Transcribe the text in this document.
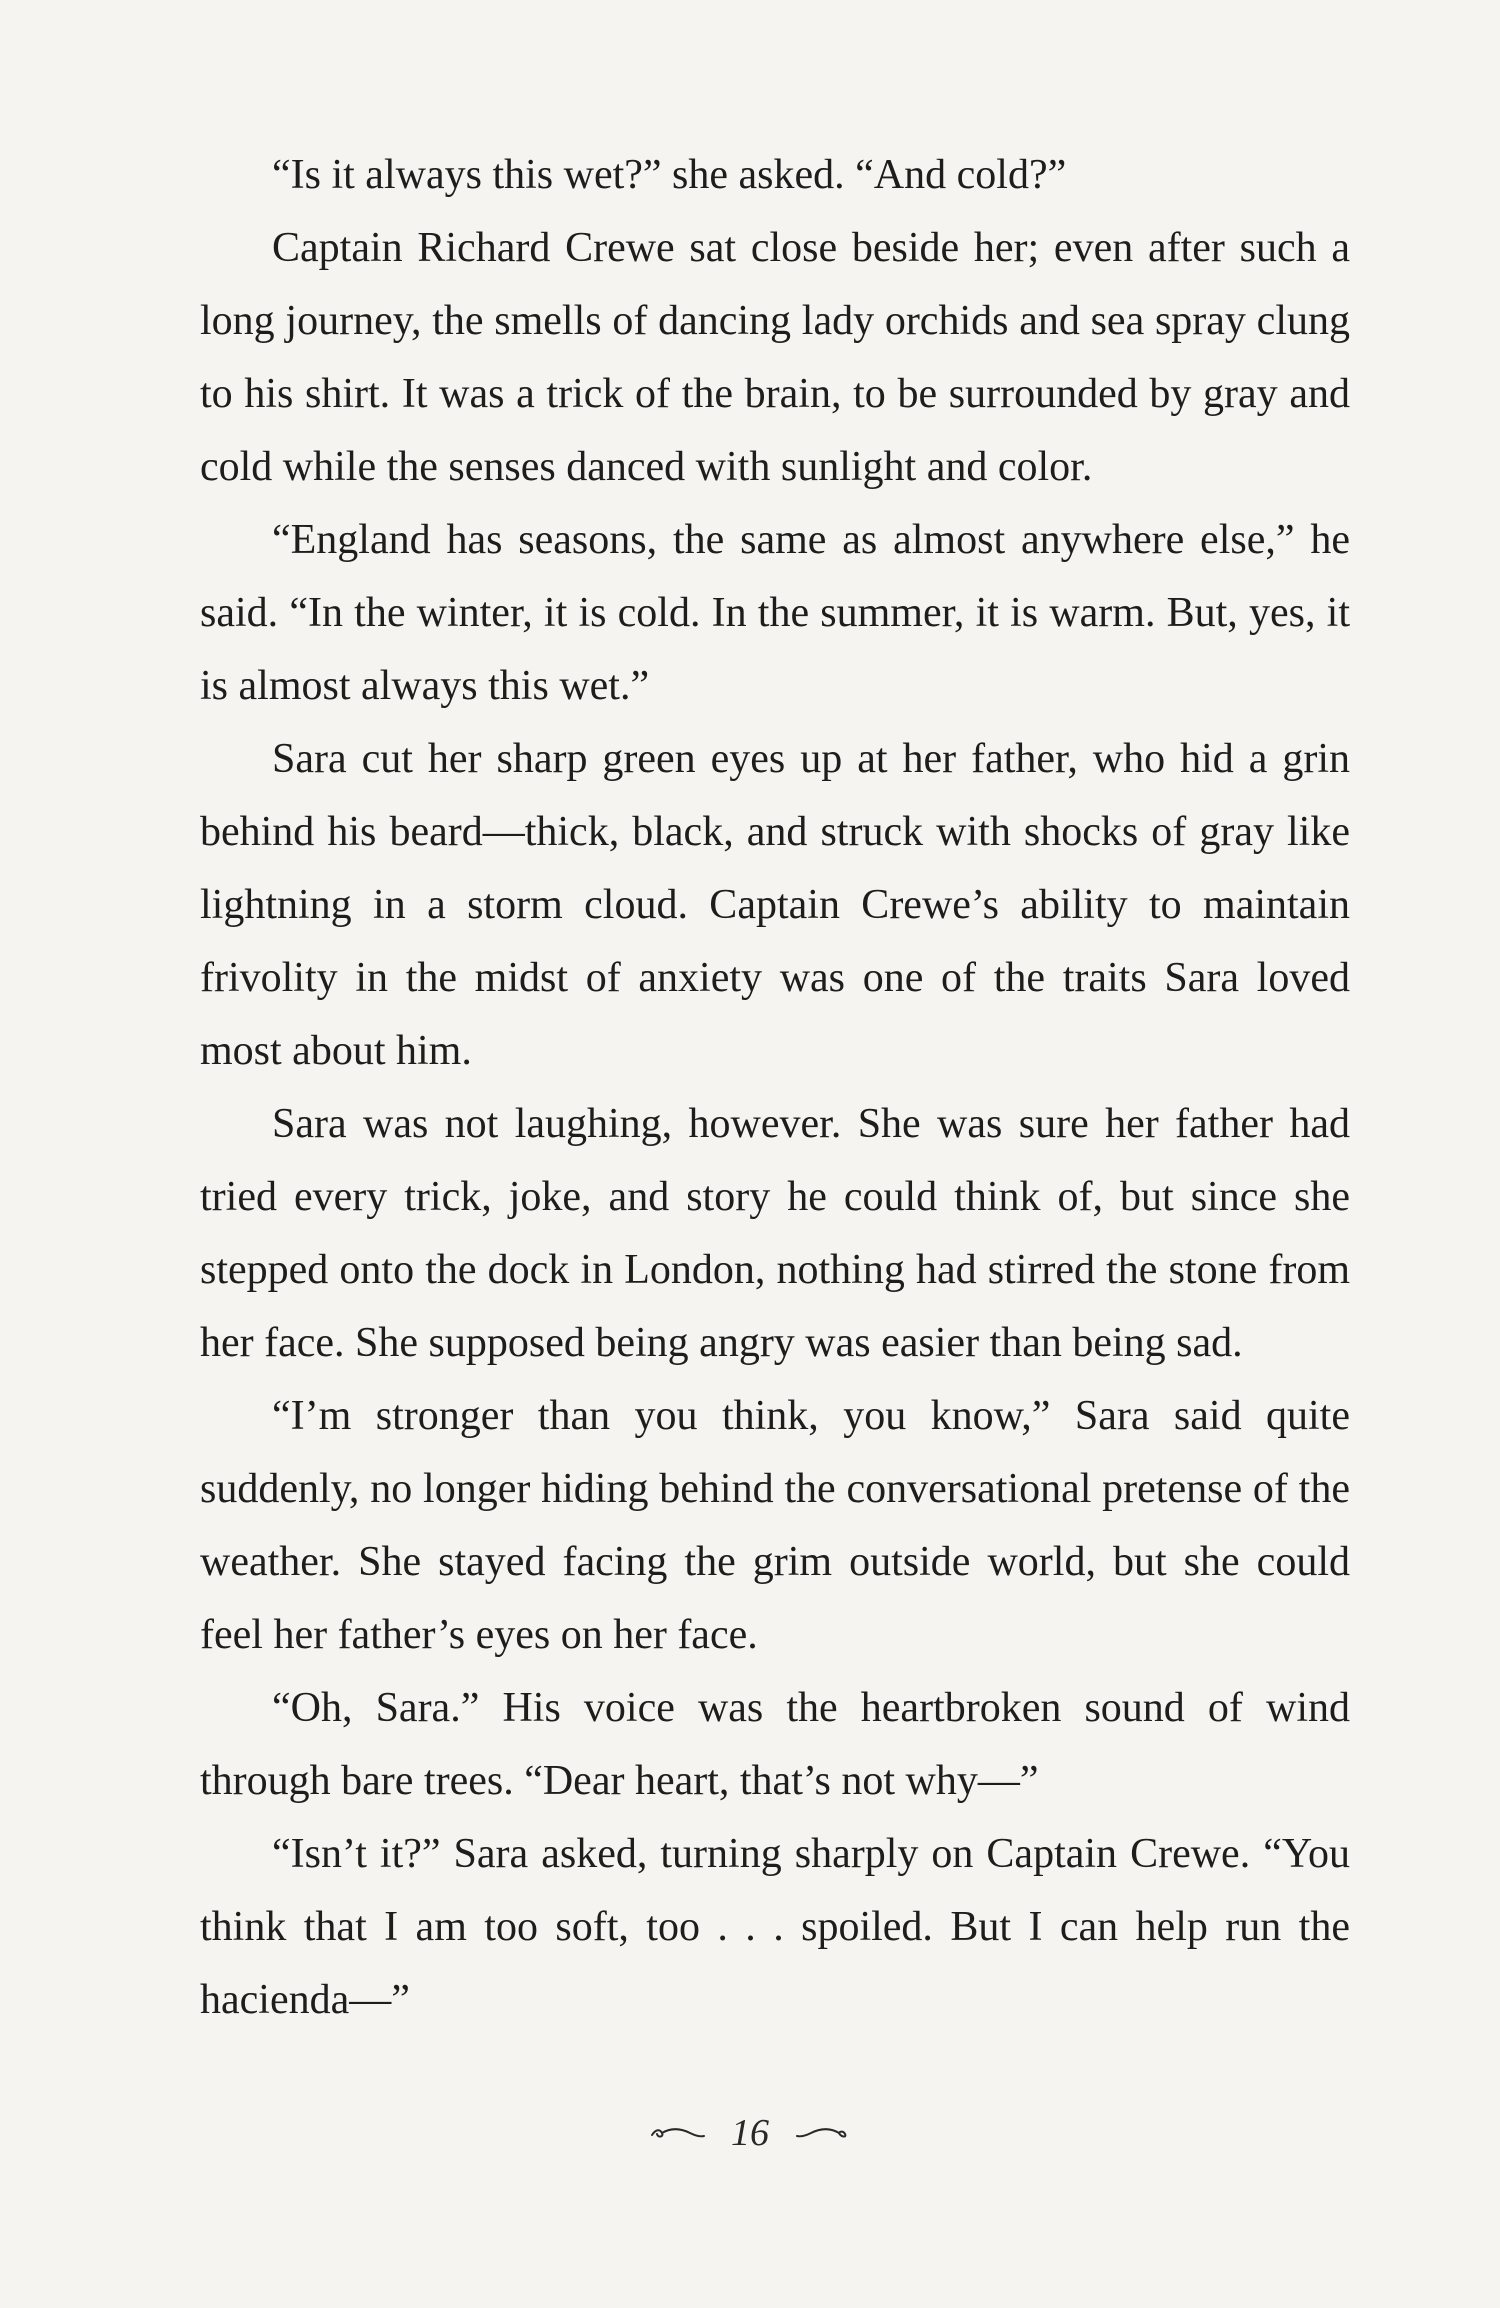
“Is it always this wet?” she asked. “And cold?”

Captain Richard Crewe sat close beside her; even after such a long journey, the smells of dancing lady orchids and sea spray clung to his shirt. It was a trick of the brain, to be surrounded by gray and cold while the senses danced with sunlight and color.

“England has seasons, the same as almost anywhere else,” he said. “In the winter, it is cold. In the summer, it is warm. But, yes, it is almost always this wet.”

Sara cut her sharp green eyes up at her father, who hid a grin behind his beard—thick, black, and struck with shocks of gray like lightning in a storm cloud. Captain Crewe’s ability to maintain frivolity in the midst of anxiety was one of the traits Sara loved most about him.

Sara was not laughing, however. She was sure her father had tried every trick, joke, and story he could think of, but since she stepped onto the dock in London, nothing had stirred the stone from her face. She supposed being angry was easier than being sad.

“I’m stronger than you think, you know,” Sara said quite suddenly, no longer hiding behind the conversational pretense of the weather. She stayed facing the grim outside world, but she could feel her father’s eyes on her face.

“Oh, Sara.” His voice was the heartbroken sound of wind through bare trees. “Dear heart, that’s not why—”

“Isn’t it?” Sara asked, turning sharply on Captain Crewe. “You think that I am too soft, too . . . spoiled. But I can help run the hacienda—”

16
